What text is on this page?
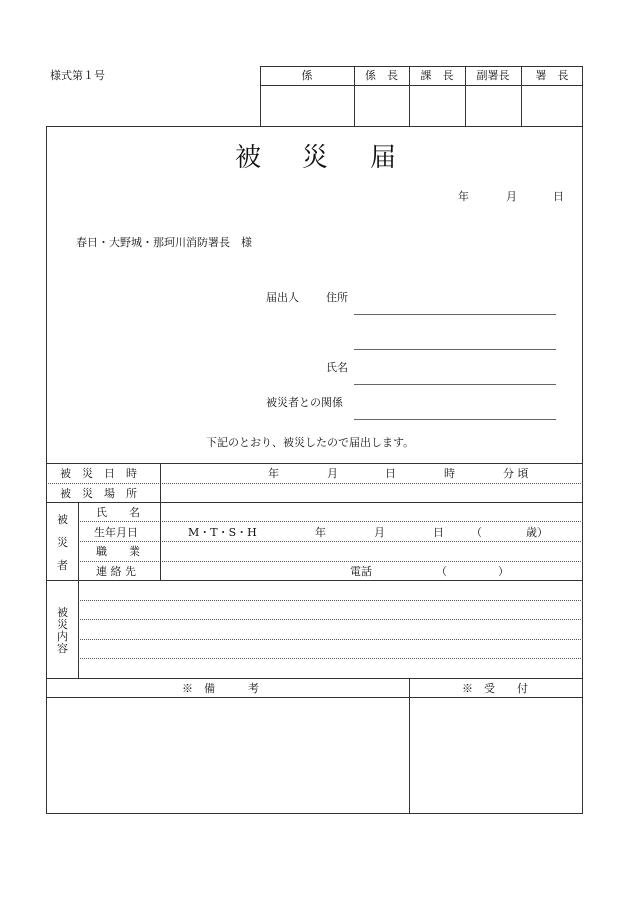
様式第１号	係	係　長	課　長	副署長	署　長
被 災 届
年	月	日
春日・大野城・那珂川消防署長　様
届出人 住所
氏名
被災者との関係
下記のとおり、被災したので届出します。
被　災　日　時	年	月	日	時	分 頃
被　災　場　所
被
災
者
氏　　名
生年月日	M・T・S・H	年	月	日 （	歳）
職　　業
連 絡 先	電話	（	）
被
災
内
容
※　備　　　考	※　受　　付
